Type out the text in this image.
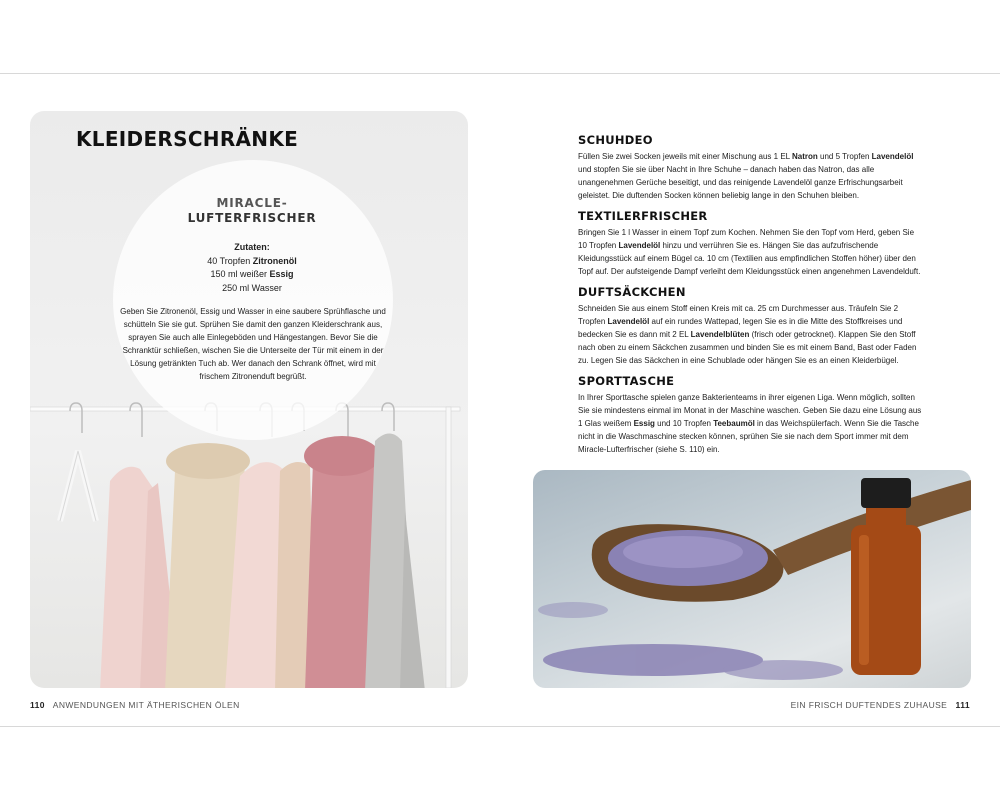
KLEIDERSCHRÄNKE
MIRACLE-
LUFTERFRISCHER
Zutaten:
40 Tropfen Zitronenöl
150 ml weißer Essig
250 ml Wasser
Geben Sie Zitronenöl, Essig und Wasser in eine saubere Sprühflasche und schütteln Sie sie gut. Sprühen Sie damit den ganzen Kleiderschrank aus, sprayen Sie auch alle Einlegeböden und Hängestangen. Bevor Sie die Schranktür schließen, wischen Sie die Unterseite der Tür mit einem in der Lösung getränkten Tuch ab. Wer danach den Schrank öffnet, wird mit frischem Zitronenduft begrüßt.
SCHUHDEO

Füllen Sie zwei Socken jeweils mit einer Mischung aus 1 EL Natron und 5 Tropfen Lavendelöl und stopfen Sie sie über Nacht in Ihre Schuhe – danach haben das Natron, das alle unangenehmen Gerüche beseitigt, und das reinigende Lavendelöl ganze Erfrischungsarbeit geleistet. Die duftenden Socken können beliebig lange in den Schuhen bleiben.

TEXTILERFRISCHER

Bringen Sie 1 l Wasser in einem Topf zum Kochen. Nehmen Sie den Topf vom Herd, geben Sie 10 Tropfen Lavendelöl hinzu und verrühren Sie es. Hängen Sie das aufzufrischende Kleidungsstück auf einem Bügel ca. 10 cm (Textilien aus empfindlichen Stoffen höher) über den Topf auf. Der aufsteigende Dampf verleiht dem Kleidungsstück einen angenehmen Lavendelduft.

DUFTSÄCKCHEN

Schneiden Sie aus einem Stoff einen Kreis mit ca. 25 cm Durchmesser aus. Träufeln Sie 2 Tropfen Lavendelöl auf ein rundes Wattepad, legen Sie es in die Mitte des Stoffkreises und bedecken Sie es dann mit 2 EL Lavendelblüten (frisch oder getrocknet). Klappen Sie den Stoff nach oben zu einem Säckchen zusammen und binden Sie es mit einem Band, Bast oder Faden zu. Legen Sie das Säckchen in eine Schublade oder hängen Sie es an einen Kleiderbügel.

SPORTTASCHE

In Ihrer Sporttasche spielen ganze Bakterienteams in ihrer eigenen Liga. Wenn möglich, sollten Sie sie mindestens einmal im Monat in der Maschine waschen. Geben Sie dazu eine Lösung aus 1 Glas weißem Essig und 10 Tropfen Teebaumöl in das Weichspülerfach. Wenn Sie die Tasche nicht in die Waschmaschine stecken können, sprühen Sie sie nach dem Sport immer mit dem Miracle-Lufterfrischer (siehe S. 110) ein.

110 ANWENDUNGEN MIT ÄTHERISCHEN ÖLEN	EIN FRISCH DUFTENDES ZUHAUSE 111
